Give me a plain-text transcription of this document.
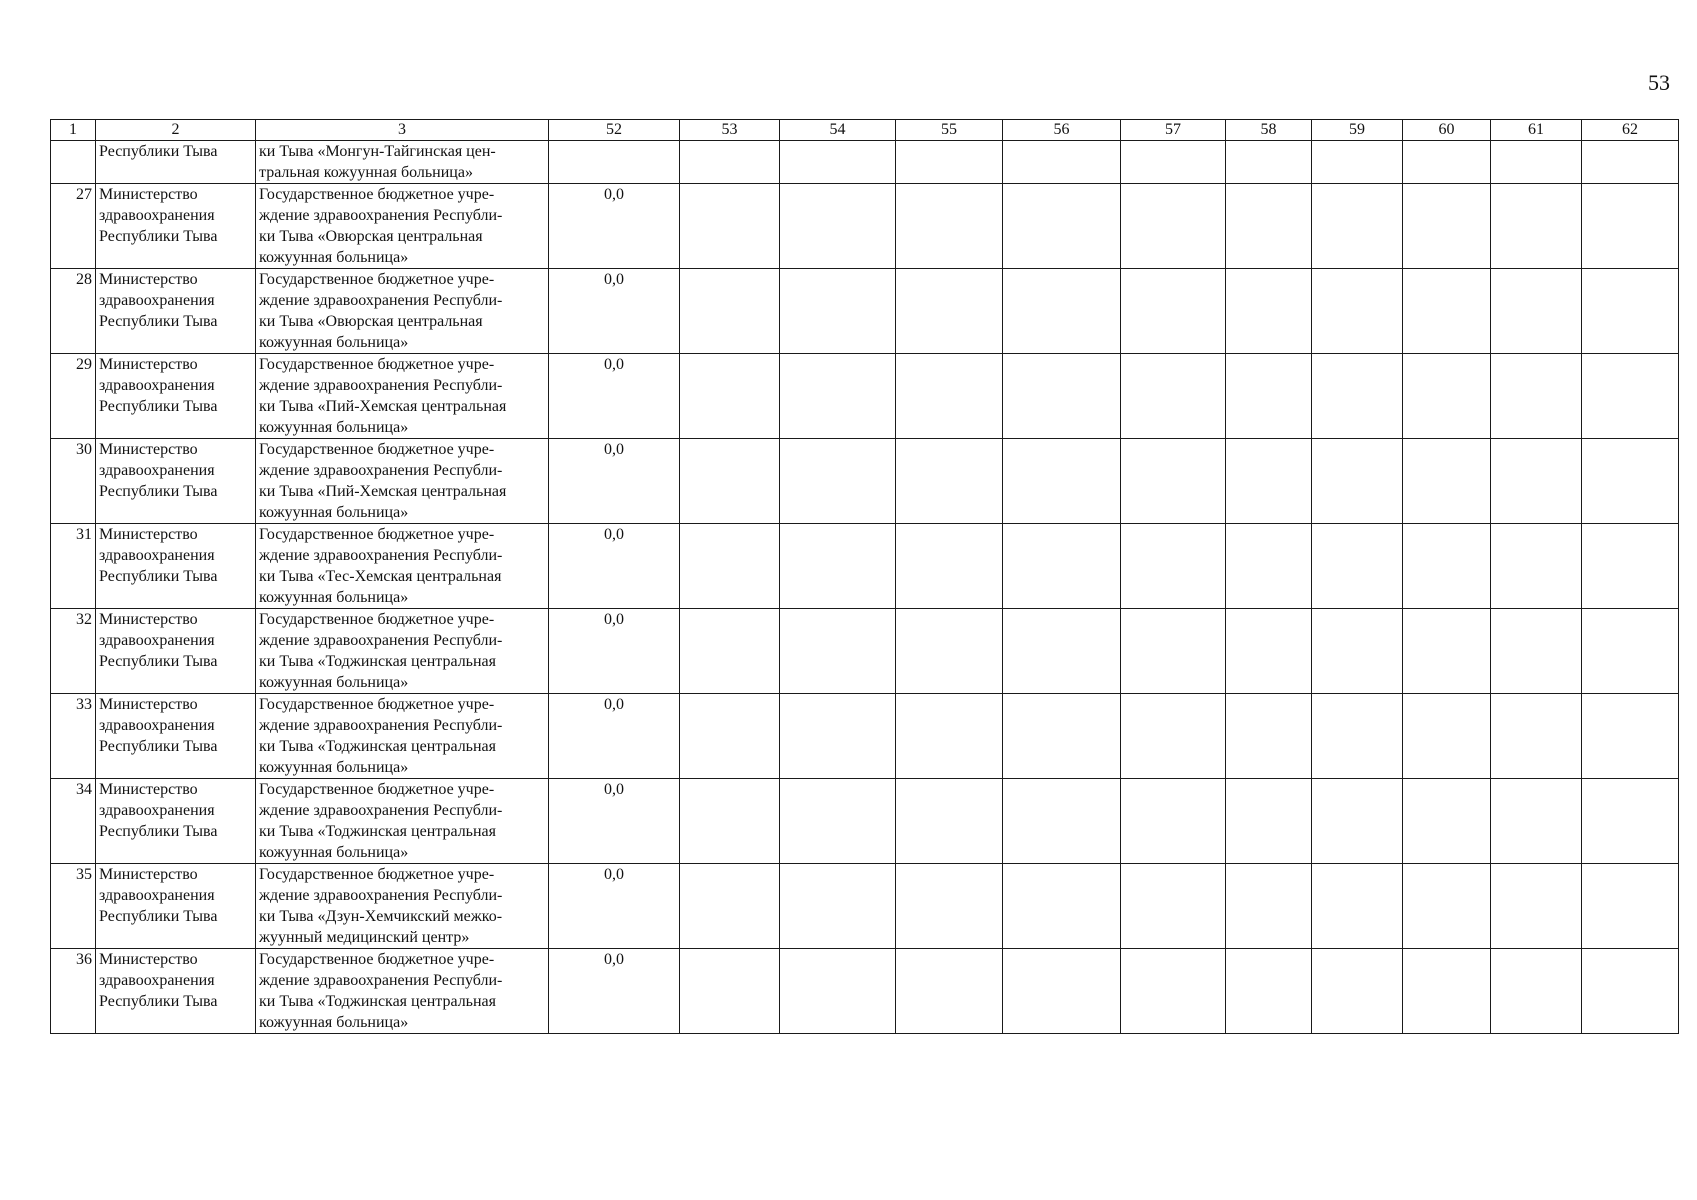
53
1	2	3	52	53	54	55	56	57	58	59	60	61	62
	Республики Тыва	ки Тыва «Монгун-Тайгинская цен-
тральная кожуунная больница»											
27	Министерство
здравоохранения
Республики Тыва	Государственное бюджетное учре-
ждение здравоохранения Республи-
ки Тыва «Овюрская центральная
кожуунная больница»	0,0										
28	Министерство
здравоохранения
Республики Тыва	Государственное бюджетное учре-
ждение здравоохранения Республи-
ки Тыва «Овюрская центральная
кожуунная больница»	0,0										
29	Министерство
здравоохранения
Республики Тыва	Государственное бюджетное учре-
ждение здравоохранения Республи-
ки Тыва «Пий-Хемская центральная
кожуунная больница»	0,0										
30	Министерство
здравоохранения
Республики Тыва	Государственное бюджетное учре-
ждение здравоохранения Республи-
ки Тыва «Пий-Хемская центральная
кожуунная больница»	0,0										
31	Министерство
здравоохранения
Республики Тыва	Государственное бюджетное учре-
ждение здравоохранения Республи-
ки Тыва «Тес-Хемская центральная
кожуунная больница»	0,0										
32	Министерство
здравоохранения
Республики Тыва	Государственное бюджетное учре-
ждение здравоохранения Республи-
ки Тыва «Тоджинская центральная
кожуунная больница»	0,0										
33	Министерство
здравоохранения
Республики Тыва	Государственное бюджетное учре-
ждение здравоохранения Республи-
ки Тыва «Тоджинская центральная
кожуунная больница»	0,0										
34	Министерство
здравоохранения
Республики Тыва	Государственное бюджетное учре-
ждение здравоохранения Республи-
ки Тыва «Тоджинская центральная
кожуунная больница»	0,0										
35	Министерство
здравоохранения
Республики Тыва	Государственное бюджетное учре-
ждение здравоохранения Республи-
ки Тыва «Дзун-Хемчикский межко-
жуунный медицинский центр»	0,0										
36	Министерство
здравоохранения
Республики Тыва	Государственное бюджетное учре-
ждение здравоохранения Республи-
ки Тыва «Тоджинская центральная
кожуунная больница»	0,0										
